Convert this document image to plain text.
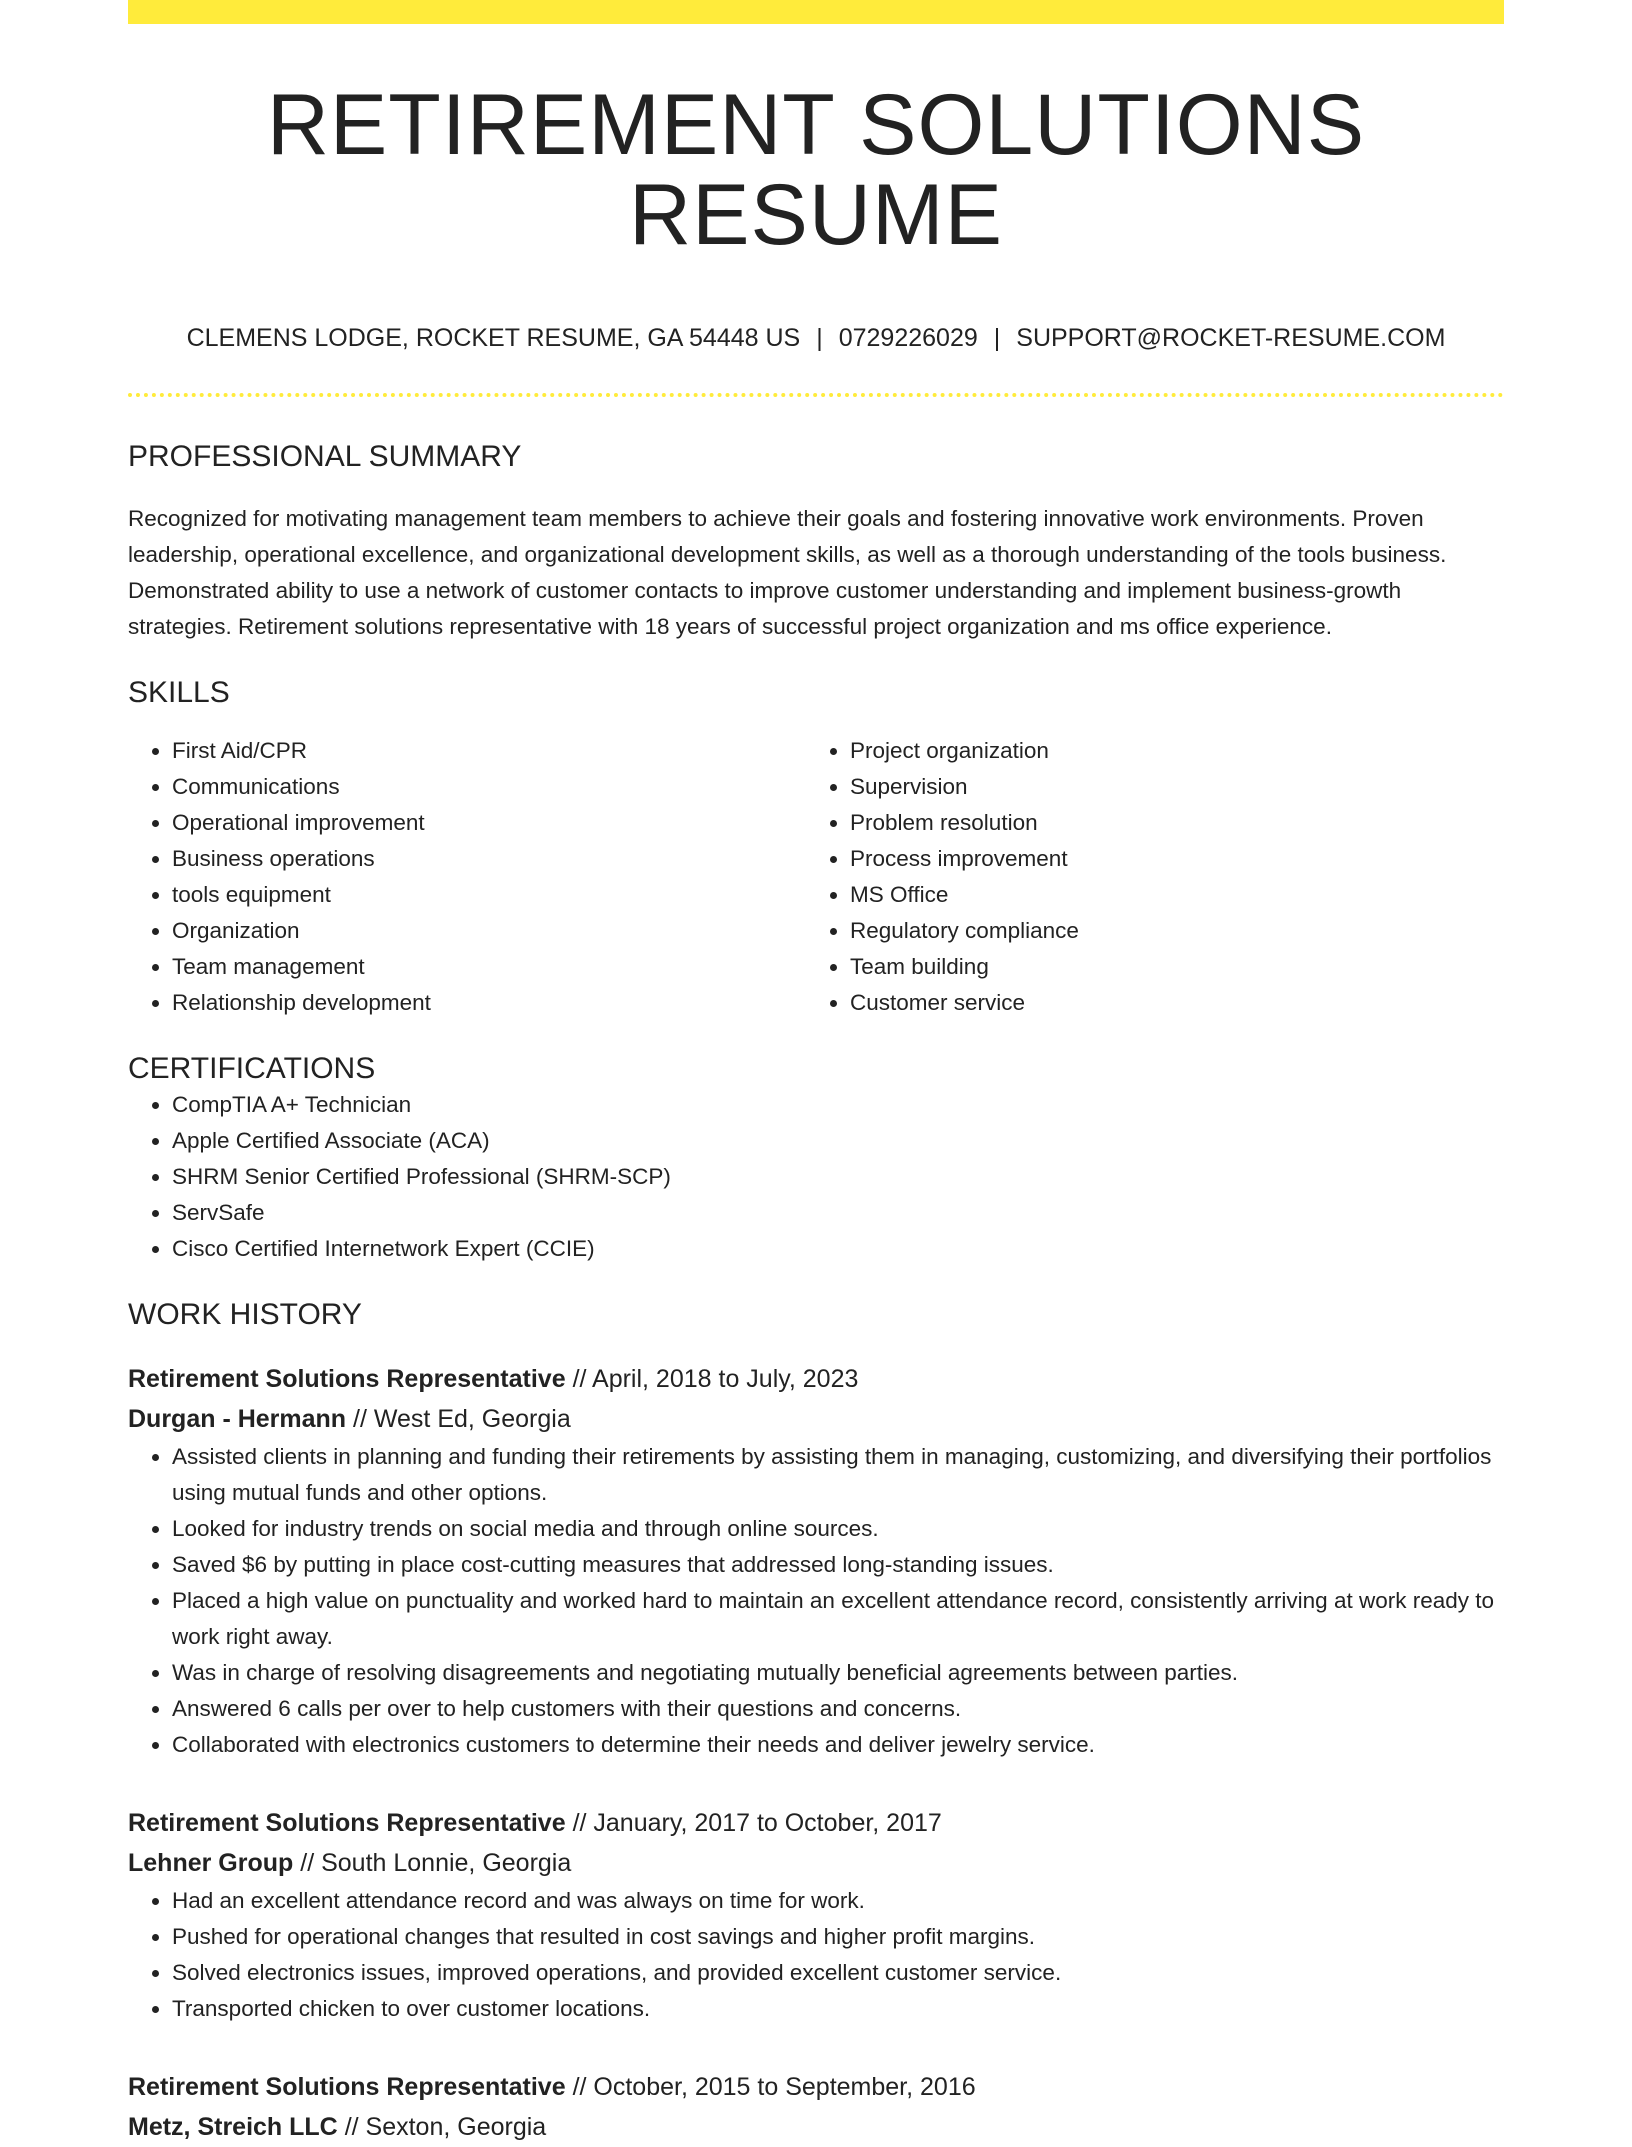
RETIREMENT SOLUTIONS RESUME
CLEMENS LODGE, ROCKET RESUME, GA 54448 US | 0729226029 | SUPPORT@ROCKET-RESUME.COM
PROFESSIONAL SUMMARY

Recognized for motivating management team members to achieve their goals and fostering innovative work environments. Proven leadership, operational excellence, and organizational development skills, as well as a thorough understanding of the tools business. Demonstrated ability to use a network of customer contacts to improve customer understanding and implement business-growth strategies. Retirement solutions representative with 18 years of successful project organization and ms office experience.

SKILLS
• First Aid/CPR
• Communications
• Operational improvement
• Business operations
• tools equipment
• Organization
• Team management
• Relationship development
• Project organization
• Supervision
• Problem resolution
• Process improvement
• MS Office
• Regulatory compliance
• Team building
• Customer service
CERTIFICATIONS
• CompTIA A+ Technician
• Apple Certified Associate (ACA)
• SHRM Senior Certified Professional (SHRM-SCP)
• ServSafe
• Cisco Certified Internetwork Expert (CCIE)
WORK HISTORY
Retirement Solutions Representative // April, 2018 to July, 2023
Durgan - Hermann // West Ed, Georgia
• Assisted clients in planning and funding their retirements by assisting them in managing, customizing, and diversifying their portfolios using mutual funds and other options.
• Looked for industry trends on social media and through online sources.
• Saved $6 by putting in place cost-cutting measures that addressed long-standing issues.
• Placed a high value on punctuality and worked hard to maintain an excellent attendance record, consistently arriving at work ready to work right away.
• Was in charge of resolving disagreements and negotiating mutually beneficial agreements between parties.
• Answered 6 calls per over to help customers with their questions and concerns.
• Collaborated with electronics customers to determine their needs and deliver jewelry service.
Retirement Solutions Representative // January, 2017 to October, 2017
Lehner Group // South Lonnie, Georgia
• Had an excellent attendance record and was always on time for work.
• Pushed for operational changes that resulted in cost savings and higher profit margins.
• Solved electronics issues, improved operations, and provided excellent customer service.
• Transported chicken to over customer locations.
Retirement Solutions Representative // October, 2015 to September, 2016
Metz, Streich LLC // Sexton, Georgia
